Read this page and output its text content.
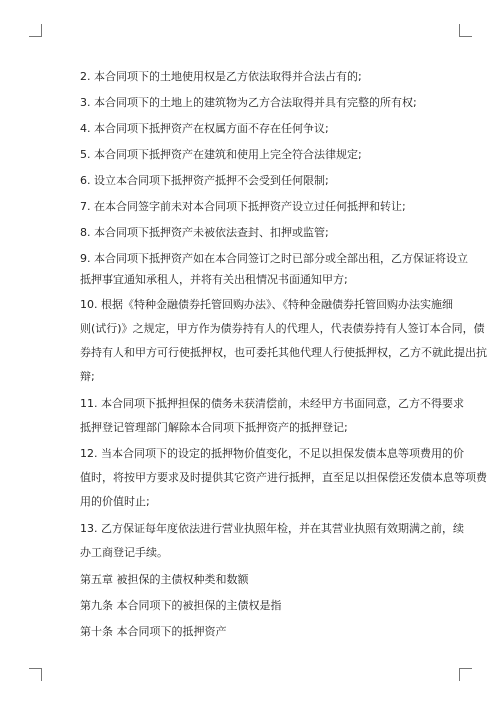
2. 本合同项下的土地使用权是乙方依法取得并合法占有的;
3. 本合同项下的土地上的建筑物为乙方合法取得并具有完整的所有权;
4. 本合同项下抵押资产在权属方面不存在任何争议;
5. 本合同项下抵押资产在建筑和使用上完全符合法律规定;
6. 设立本合同项下抵押资产抵押不会受到任何限制;
7. 在本合同签字前未对本合同项下抵押资产设立过任何抵押和转让;
8. 本合同项下抵押资产未被依法查封、扣押或监管;
9. 本合同项下抵押资产如在本合同签订之时已部分或全部出租，乙方保证将设立
抵押事宜通知承租人，并将有关出租情况书面通知甲方;
10. 根据《特种金融债券托管回购办法》、《特种金融债券托管回购办法实施细
则(试行)》之规定，甲方作为债券持有人的代理人，代表债券持有人签订本合同，债
券持有人和甲方可行使抵押权，也可委托其他代理人行使抵押权，乙方不就此提出抗
辩;
11. 本合同项下抵押担保的债务未获清偿前，未经甲方书面同意，乙方不得要求
抵押登记管理部门解除本合同项下抵押资产的抵押登记;
12. 当本合同项下的设定的抵押物价值变化，不足以担保发债本息等项费用的价
值时，将按甲方要求及时提供其它资产进行抵押，直至足以担保偿还发债本息等项费
用的价值时止;
13. 乙方保证每年度依法进行营业执照年检，并在其营业执照有效期满之前，续
办工商登记手续。
第五章 被担保的主债权种类和数额
第九条 本合同项下的被担保的主债权是指
第十条 本合同项下的抵押资产
